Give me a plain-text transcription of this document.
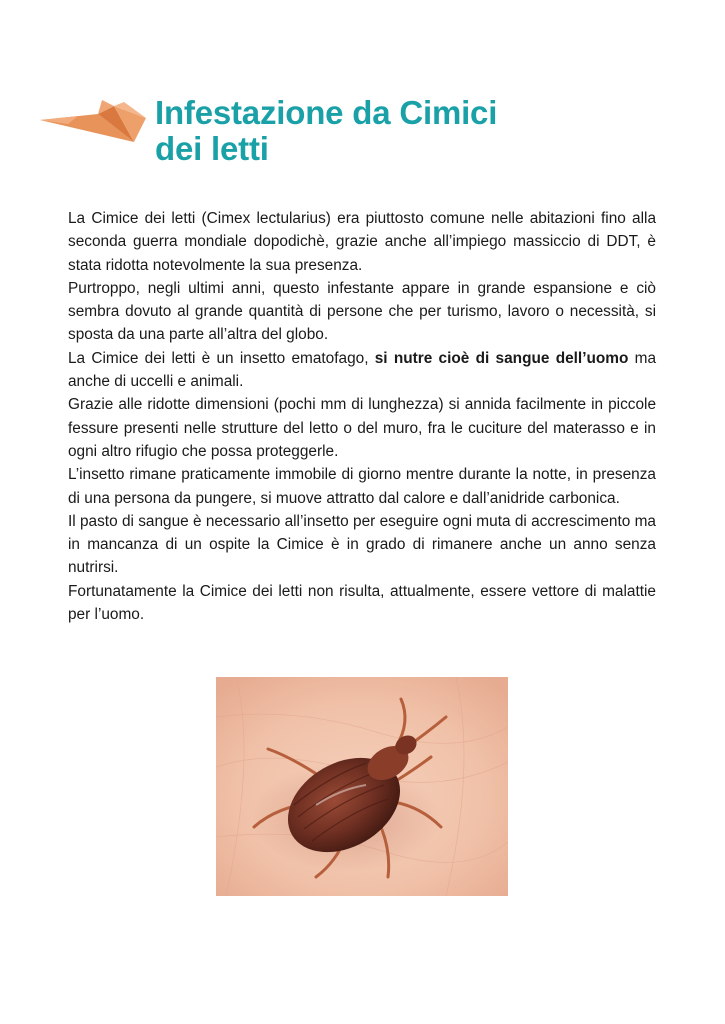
Infestazione da Cimici
dei letti

La Cimice dei letti (Cimex lectularius) era piuttosto comune nelle abitazioni fino alla seconda guerra mondiale dopodichè, grazie anche all’impiego massiccio di DDT, è stata ridotta notevolmente la sua presenza.

Purtroppo, negli ultimi anni, questo infestante appare in grande espansione e ciò sembra dovuto al grande quantità di persone che per turismo, lavoro o necessità, si sposta da una parte all’altra del globo.

La Cimice dei letti è un insetto ematofago, si nutre cioè di sangue dell’uomo ma anche di uccelli e animali.

Grazie alle ridotte dimensioni (pochi mm di lunghezza) si annida facilmente in piccole fessure presenti nelle strutture del letto o del muro, fra le cuciture del materasso e in ogni altro rifugio che possa proteggerle.

L’insetto rimane praticamente immobile di giorno mentre durante la notte, in presenza di una persona da pungere, si muove attratto dal calore e dall’anidride carbonica.

Il pasto di sangue è necessario all’insetto per eseguire ogni muta di accrescimento ma in mancanza di un ospite la Cimice è in grado di rimanere anche un anno senza nutrirsi.

Fortunatamente la Cimice dei letti non risulta, attualmente, essere vettore di malattie per l’uomo.
